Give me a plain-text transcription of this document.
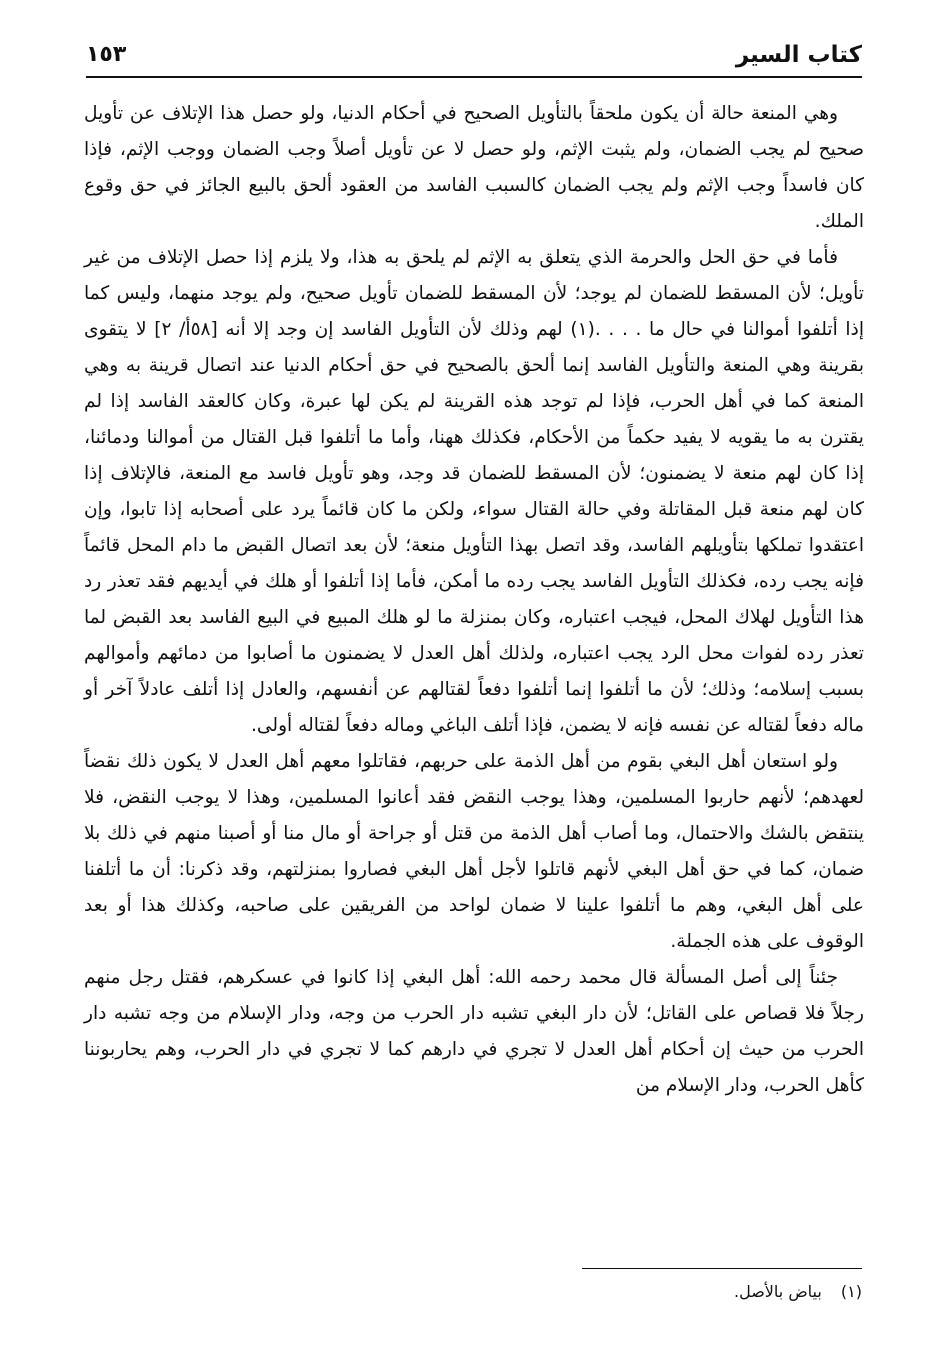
كتاب السير
١٥٣

وهي المنعة حالة أن يكون ملحقاً بالتأويل الصحيح في أحكام الدنيا، ولو حصل هذا الإتلاف عن تأويل صحيح لم يجب الضمان، ولم يثبت الإثم، ولو حصل لا عن تأويل أصلاً وجب الضمان ووجب الإثم، فإذا كان فاسداً وجب الإثم ولم يجب الضمان كالسبب الفاسد من العقود ألحق بالبيع الجائز في حق وقوع الملك.

فأما في حق الحل والحرمة الذي يتعلق به الإثم لم يلحق به هذا، ولا يلزم إذا حصل الإتلاف من غير تأويل؛ لأن المسقط للضمان لم يوجد؛ لأن المسقط للضمان تأويل صحيح، ولم يوجد منهما، وليس كما إذا أتلفوا أموالنا في حال ما . . . .(١) لهم وذلك لأن التأويل الفاسد إن وجد إلا أنه [٥٨أ/ ٢] لا يتقوى بقرينة وهي المنعة والتأويل الفاسد إنما ألحق بالصحيح في حق أحكام الدنيا عند اتصال قرينة به وهي المنعة كما في أهل الحرب، فإذا لم توجد هذه القرينة لم يكن لها عبرة، وكان كالعقد الفاسد إذا لم يقترن به ما يقويه لا يفيد حكماً من الأحكام، فكذلك ههنا، وأما ما أتلفوا قبل القتال من أموالنا ودمائنا، إذا كان لهم منعة لا يضمنون؛ لأن المسقط للضمان قد وجد، وهو تأويل فاسد مع المنعة، فالإتلاف إذا كان لهم منعة قبل المقاتلة وفي حالة القتال سواء، ولكن ما كان قائماً يرد على أصحابه إذا تابوا، وإن اعتقدوا تملكها بتأويلهم الفاسد، وقد اتصل بهذا التأويل منعة؛ لأن بعد اتصال القبض ما دام المحل قائماً فإنه يجب رده، فكذلك التأويل الفاسد يجب رده ما أمكن، فأما إذا أتلفوا أو هلك في أيديهم فقد تعذر رد هذا التأويل لهلاك المحل، فيجب اعتباره، وكان بمنزلة ما لو هلك المبيع في البيع الفاسد بعد القبض لما تعذر رده لفوات محل الرد يجب اعتباره، ولذلك أهل العدل لا يضمنون ما أصابوا من دمائهم وأموالهم بسبب إسلامه؛ وذلك؛ لأن ما أتلفوا إنما أتلفوا دفعاً لقتالهم عن أنفسهم، والعادل إذا أتلف عادلاً آخر أو ماله دفعاً لقتاله عن نفسه فإنه لا يضمن، فإذا أتلف الباغي وماله دفعاً لقتاله أولى.

ولو استعان أهل البغي بقوم من أهل الذمة على حربهم، فقاتلوا معهم أهل العدل لا يكون ذلك نقضاً لعهدهم؛ لأنهم حاربوا المسلمين، وهذا يوجب النقض فقد أعانوا المسلمين، وهذا لا يوجب النقض، فلا ينتقض بالشك والاحتمال، وما أصاب أهل الذمة من قتل أو جراحة أو مال منا أو أصبنا منهم في ذلك بلا ضمان، كما في حق أهل البغي لأنهم قاتلوا لأجل أهل البغي فصاروا بمنزلتهم، وقد ذكرنا: أن ما أتلفنا على أهل البغي، وهم ما أتلفوا علينا لا ضمان لواحد من الفريقين على صاحبه، وكذلك هذا أو بعد الوقوف على هذه الجملة.

جئناً إلى أصل المسألة قال محمد رحمه الله: أهل البغي إذا كانوا في عسكرهم، فقتل رجل منهم رجلاً فلا قصاص على القاتل؛ لأن دار البغي تشبه دار الحرب من وجه، ودار الإسلام من وجه تشبه دار الحرب من حيث إن أحكام أهل العدل لا تجري في دارهم كما لا تجري في دار الحرب، وهم يحاربوننا كأهل الحرب، ودار الإسلام من

(١) بياض بالأصل.
